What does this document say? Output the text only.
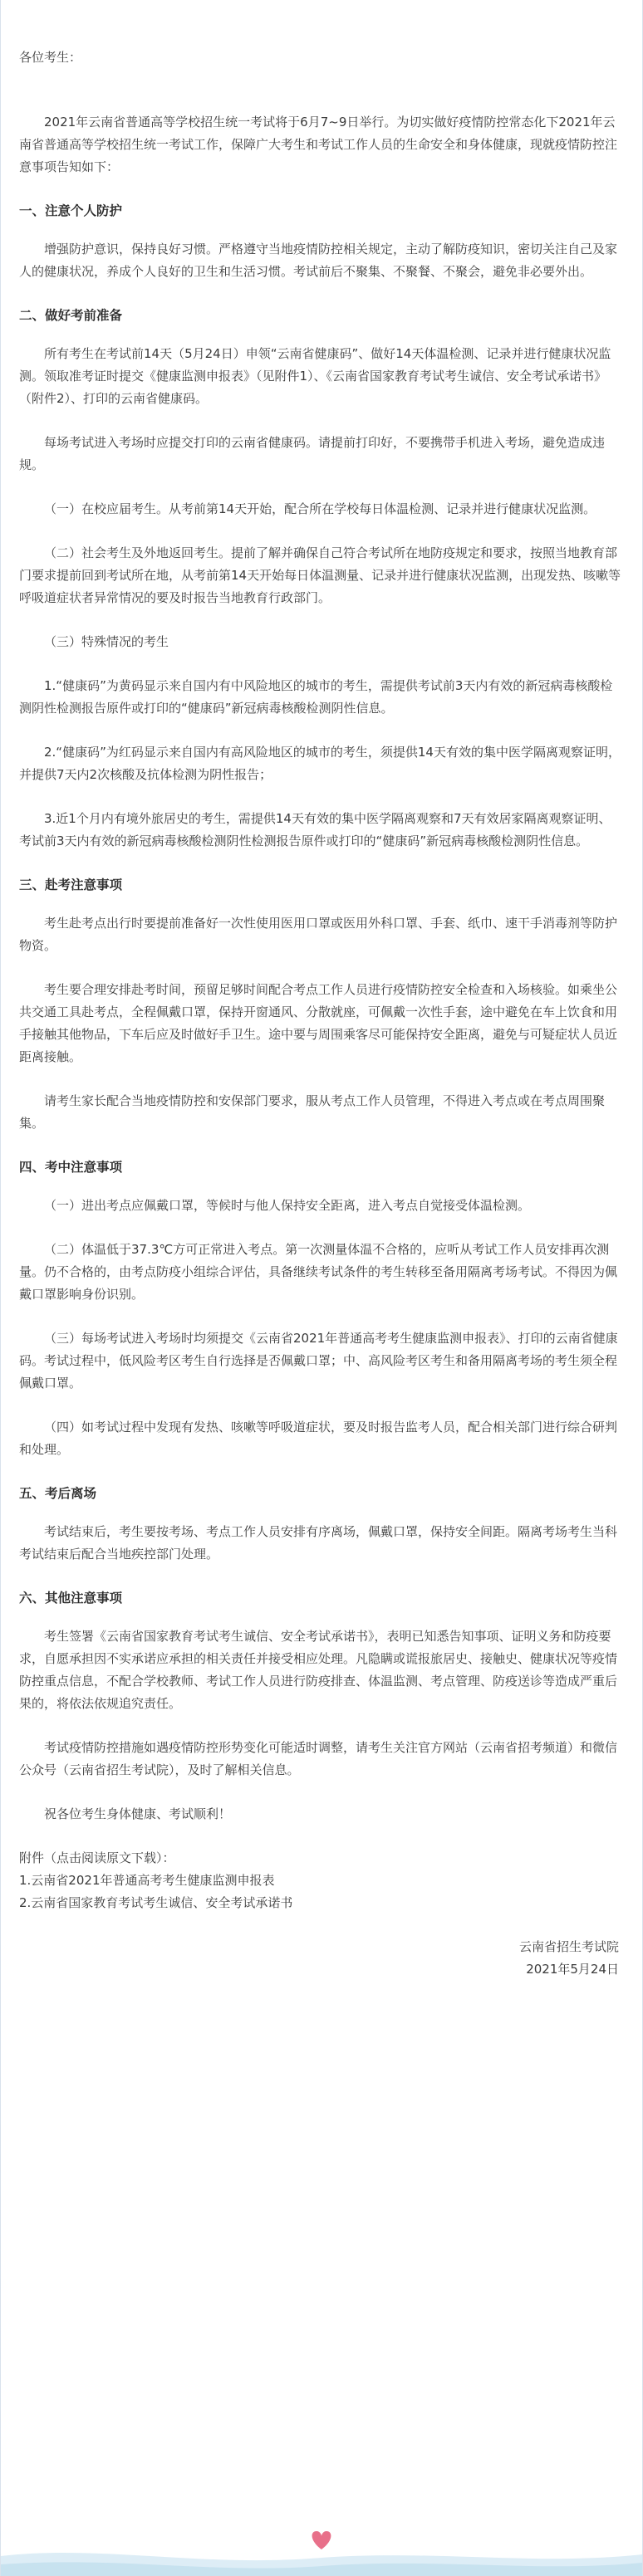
各位考生：

2021年云南省普通高等学校招生统一考试将于6月7~9日举行。为切实做好疫情防控常态化下2021年云南省普通高等学校招生统一考试工作，保障广大考生和考试工作人员的生命安全和身体健康，现就疫情防控注意事项告知如下：

一、注意个人防护

增强防护意识，保持良好习惯。严格遵守当地疫情防控相关规定，主动了解防疫知识，密切关注自己及家人的健康状况，养成个人良好的卫生和生活习惯。考试前后不聚集、不聚餐、不聚会，避免非必要外出。

二、做好考前准备

所有考生在考试前14天（5月24日）申领“云南省健康码”、做好14天体温检测、记录并进行健康状况监测。领取准考证时提交《健康监测申报表》（见附件1）、《云南省国家教育考试考生诚信、安全考试承诺书》（附件2）、打印的云南省健康码。

每场考试进入考场时应提交打印的云南省健康码。请提前打印好，不要携带手机进入考场，避免造成违规。

（一）在校应届考生。从考前第14天开始，配合所在学校每日体温检测、记录并进行健康状况监测。

（二）社会考生及外地返回考生。提前了解并确保自己符合考试所在地防疫规定和要求，按照当地教育部门要求提前回到考试所在地，从考前第14天开始每日体温测量、记录并进行健康状况监测，出现发热、咳嗽等呼吸道症状者异常情况的要及时报告当地教育行政部门。

（三）特殊情况的考生

1.“健康码”为黄码显示来自国内有中风险地区的城市的考生，需提供考试前3天内有效的新冠病毒核酸检测阴性检测报告原件或打印的“健康码”新冠病毒核酸检测阴性信息。

2.“健康码”为红码显示来自国内有高风险地区的城市的考生，须提供14天有效的集中医学隔离观察证明，并提供7天内2次核酸及抗体检测为阴性报告；

3.近1个月内有境外旅居史的考生，需提供14天有效的集中医学隔离观察和7天有效居家隔离观察证明、考试前3天内有效的新冠病毒核酸检测阴性检测报告原件或打印的“健康码”新冠病毒核酸检测阴性信息。

三、赴考注意事项

考生赴考点出行时要提前准备好一次性使用医用口罩或医用外科口罩、手套、纸巾、速干手消毒剂等防护物资。

考生要合理安排赴考时间，预留足够时间配合考点工作人员进行疫情防控安全检查和入场核验。如乘坐公共交通工具赴考点，全程佩戴口罩，保持开窗通风、分散就座，可佩戴一次性手套，途中避免在车上饮食和用手接触其他物品，下车后应及时做好手卫生。途中要与周围乘客尽可能保持安全距离，避免与可疑症状人员近距离接触。

请考生家长配合当地疫情防控和安保部门要求，服从考点工作人员管理，不得进入考点或在考点周围聚集。

四、考中注意事项

（一）进出考点应佩戴口罩，等候时与他人保持安全距离，进入考点自觉接受体温检测。

（二）体温低于37.3℃方可正常进入考点。第一次测量体温不合格的，应听从考试工作人员安排再次测量。仍不合格的，由考点防疫小组综合评估，具备继续考试条件的考生转移至备用隔离考场考试。不得因为佩戴口罩影响身份识别。

（三）每场考试进入考场时均须提交《云南省2021年普通高考考生健康监测申报表》、打印的云南省健康码。考试过程中，低风险考区考生自行选择是否佩戴口罩；中、高风险考区考生和备用隔离考场的考生须全程佩戴口罩。

（四）如考试过程中发现有发热、咳嗽等呼吸道症状，要及时报告监考人员，配合相关部门进行综合研判和处理。

五、考后离场

考试结束后，考生要按考场、考点工作人员安排有序离场，佩戴口罩，保持安全间距。隔离考场考生当科考试结束后配合当地疾控部门处理。

六、其他注意事项

考生签署《云南省国家教育考试考生诚信、安全考试承诺书》，表明已知悉告知事项、证明义务和防疫要求，自愿承担因不实承诺应承担的相关责任并接受相应处理。凡隐瞒或谎报旅居史、接触史、健康状况等疫情防控重点信息，不配合学校教师、考试工作人员进行防疫排查、体温监测、考点管理、防疫送诊等造成严重后果的，将依法依规追究责任。

考试疫情防控措施如遇疫情防控形势变化可能适时调整，请考生关注官方网站（云南省招考频道）和微信公众号（云南省招生考试院），及时了解相关信息。

祝各位考生身体健康、考试顺利！

附件（点击阅读原文下载）：

1.云南省2021年普通高考考生健康监测申报表

2.云南省国家教育考试考生诚信、安全考试承诺书

云南省招生考试院

2021年5月24日
